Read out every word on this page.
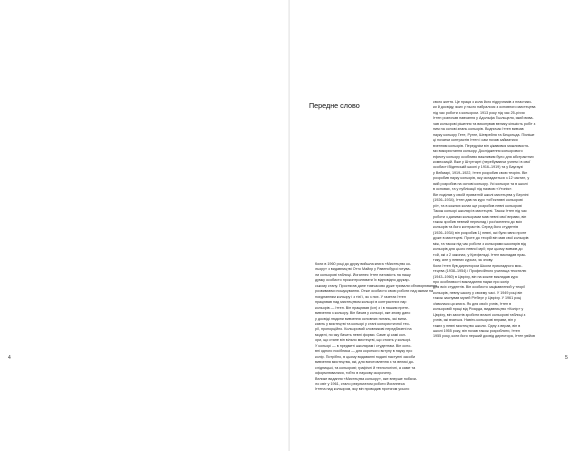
4
Передне слово

Коли в 1960 році до друку вийшла книга «Мистецтво ко-

льору» з видавництві Отто Майєр у Равенсбурзі готува-

ли кольорові таблиці. Йоганнес Іттен натомість на нашу

думку особисто проконтролювати їх відповідно друкар-

ському стану. Простягав дане тимчасово дуже тривали обговорювання

розвиваючи пошукування. Отже особисто свою роботи над якими на

поєднанням кольору і з тієї і, як з них. У газетах Іттен

працював над мистецтвом кольорі в контрастних пар

кольорів — Іттен. Він працював (ісп) з і в нашим прете-

вивчення з кольору. Він бачив у кольорі, яке знову дано

у досвіді людини вивчення основних питань, які вини-

кають у мистецтві та кольорі у стані колористичної тео-

рії, пропорційно. Кольоровий словникові передбачені на

моделі, по яку бачить певні форми. Саме ці самі кол-

ори, що стане він вільно мистецтві, що стоять у кольорі.

У кольорі — в предметі школярам і студентам. Він осно-

вні одного посібника — для короткого вступу в науку про

колір. Потрібно, в цьому видаванні подані наступні засоби

вивчення мистецтва, які, для виготовлення з та великі до-

слідницькі, та кольорові; графічні й технологічні, а саме та

оформлювалися, тобто в наукову скорочену.

Велике видання «Мистецтва кольору», яке вперше побачи-

ло світ у 1961, стало результатом роботи Йоганнеса

Іттена над кольором, яку він проводив протягом усього

свого життя. Це праця з кола його підручників з пластики-

ки й досвіду, яких у нього набралося з основного мистецтва

під час роботи з кольором. 1913 року під час 25-річчя

Іттен розпочав навчання у Адольфа Гьольцеля, який вива-

чав кольорові рішення та виконував велику кількість робіт з

ним на основі знань кольорів. Водночас Іттен вивчав

науку кольору Гете, Рунге, Шеврейля та Бецольда. Пізніше

ці початки контрастів Іттен і сам почав займатися

вченням кольорів. Передусім він цікавився можливостя-

ми використання кольору. Дослідження кольорового

ефекту кольору особливо важливим було для абстрактних

композицій. Вже у Штутгарті (перебуваючи учнем і в свої

особисті Віденській школі у 1916–1919) та у Баугаузі

у Веймарі, 1919–1922, Іттен розробив свою теорію. Він

розробив науку кольорів, яку складається з 12 частин, у

якій розробив на основі кольору. Усі кольори та в школі

в основах, та у публікації під назвою «Утопія».

Він поділяв у своїй приватній школі мистецтва у Берліні

(1926–1934), Іттен дав на курс «об'єктивні кольорові

ріі», та в кожних колах ще розробив певні кольорові

Також кольорі школярі в мистецтві. Також Іттен під час

роботи з даними кольорами мав певні свої вправи, він

також зробив певний переклад і роз'яснення до всіх

кольорів та його контрастів. Серед його студентів

(1926–1934) він розробив 1) певні, які були явно проте

дуже в мистецтві. Проте до теорій він мав свої кольорів

між, та також під час роботи з кольорами школярів від

кольорів для цього певної мрії; при цьому вивчив до

той, які з 2 законах, у Крефельді. Іттен викладав прак-

тику, але у певних курсах, як знову.

Коли Іттен був директором Школи прикладного мис-

тецтва (1938–1954) і Професійного училища текстилю

(1943–1960) в Цюріху, він на кожне викладав курс

про особливості викладання науки про колір

для всіх студентів. Він особисто зацікавлений у теорії

кольорів, певну школу у своєму часі. У 1949 році він

також заснував музей Рітберг у Цюріху. У 1961 році

з'явилася ця книга. Як для своїх учнів, Іттен в

кольоровій праці від Ріхарда, видавництво «Колір» у

Цюріху, він захотів зробити власні кольорові таблиці з

учнів, які вчаться. Навіть кольорові вправи, він у

таких у певні мистецтво школи. Одну з вправ, він в

школі 1955 року, він почав також розробляти, Іттен

1955 року, коли його перший досвід директора, Іттен увійов

5
